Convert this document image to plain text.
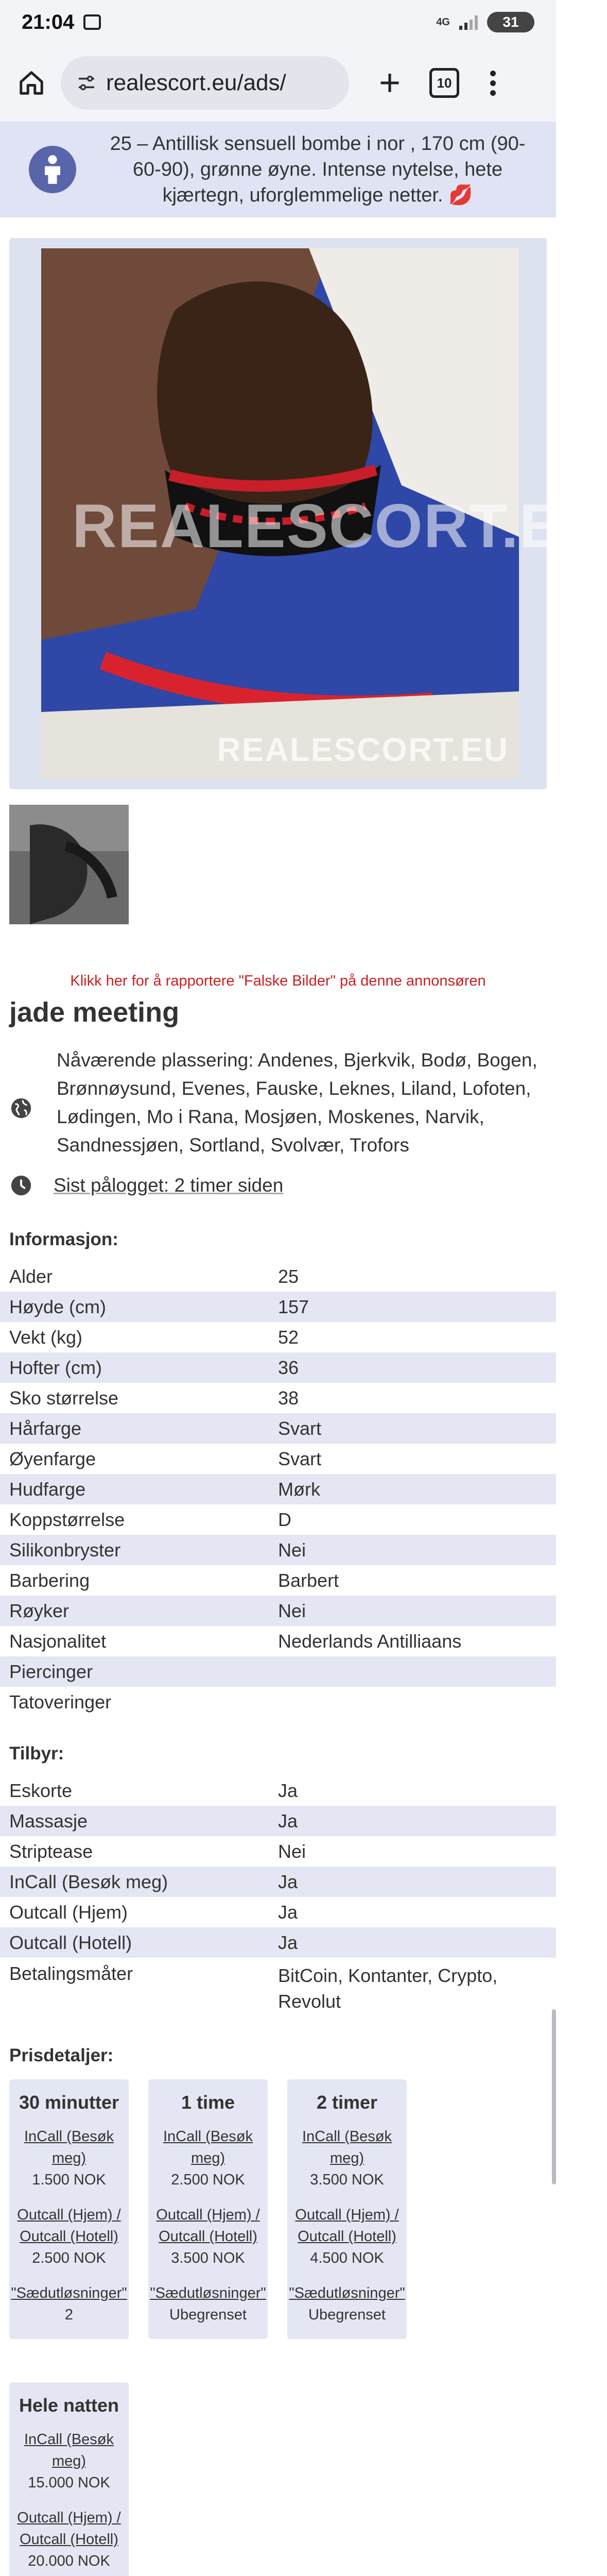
21:04	4G	31
realescort.eu/ads/	+	10
25 – Antillisk sensuell bombe i nor , 170 cm (90-60-90), grønne øyne. Intense nytelse, hete kjærtegn, uforglemmelige netter. 💋
REALESCORT.EU
REALESCORT.EU
Klikk her for å rapportere "Falske Bilder" på denne annonsøren
jade meeting
Nåværende plassering: Andenes, Bjerkvik, Bodø, Bogen, Brønnøysund, Evenes, Fauske, Leknes, Liland, Lofoten, Lødingen, Mo i Rana, Mosjøen, Moskenes, Narvik, Sandnessjøen, Sortland, Svolvær, Trofors
Sist pålogget: 2 timer siden
Informasjon:
Alder	25
Høyde (cm)	157
Vekt (kg)	52
Hofter (cm)	36
Sko størrelse	38
Hårfarge	Svart
Øyenfarge	Svart
Hudfarge	Mørk
Koppstørrelse	D
Silikonbryster	Nei
Barbering	Barbert
Røyker	Nei
Nasjonalitet	Nederlands Antilliaans
Piercinger
Tatoveringer
Tilbyr:
Eskorte	Ja
Massasje	Ja
Striptease	Nei
InCall (Besøk meg)	Ja
Outcall (Hjem)	Ja
Outcall (Hotell)	Ja
Betalingsmåter	BitCoin, Kontanter, Crypto, Revolut
Prisdetaljer:
30 minutter
InCall (Besøk meg)
1.500 NOK
Outcall (Hjem) / Outcall (Hotell)
2.500 NOK
"Sædutløsninger"
2
1 time
InCall (Besøk meg)
2.500 NOK
Outcall (Hjem) / Outcall (Hotell)
3.500 NOK
"Sædutløsninger"
Ubegrenset
2 timer
InCall (Besøk meg)
3.500 NOK
Outcall (Hjem) / Outcall (Hotell)
4.500 NOK
"Sædutløsninger"
Ubegrenset
Hele natten
InCall (Besøk meg)
15.000 NOK
Outcall (Hjem) / Outcall (Hotell)
20.000 NOK
